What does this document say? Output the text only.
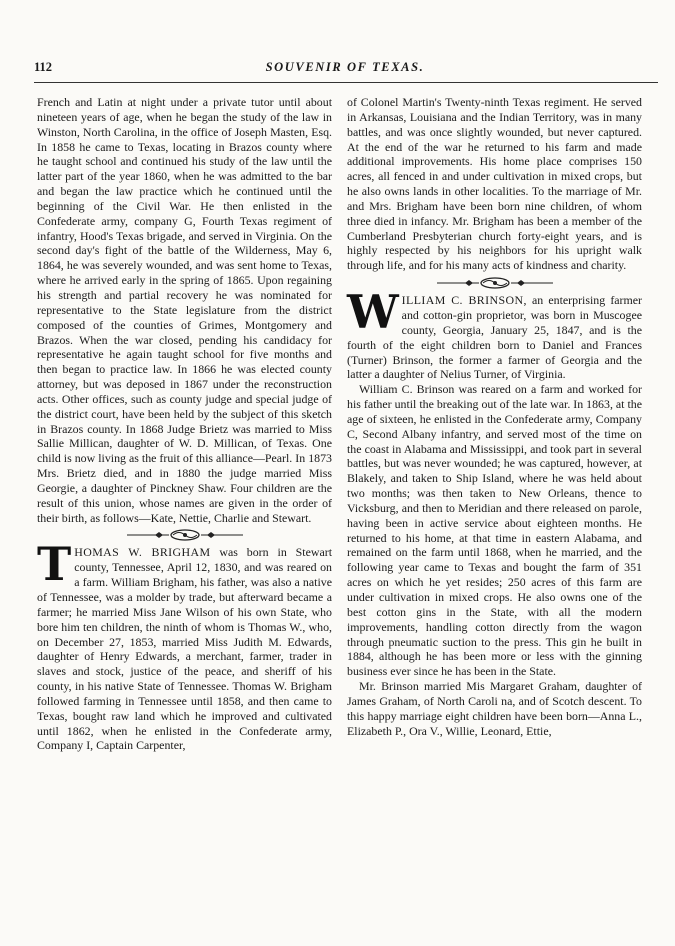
112	SOUVENIR OF TEXAS.

French and Latin at night under a private tutor until about nineteen years of age, when he began the study of the law in Winston, North Carolina, in the office of Joseph Masten, Esq. In 1858 he came to Texas, locating in Brazos county where he taught school and continued his study of the law until the latter part of the year 1860, when he was admitted to the bar and began the law practice which he continued until the beginning of the Civil War. He then enlisted in the Confederate army, company G, Fourth Texas regiment of infantry, Hood's Texas brigade, and served in Virginia. On the second day's fight of the battle of the Wilderness, May 6, 1864, he was severely wounded, and was sent home to Texas, where he arrived early in the spring of 1865. Upon regaining his strength and partial recovery he was nominated for representative to the State legislature from the district composed of the counties of Grimes, Montgomery and Brazos. When the war closed, pending his candidacy for representative he again taught school for five months and then began to practice law. In 1866 he was elected county attorney, but was deposed in 1867 under the reconstruction acts. Other offices, such as county judge and special judge of the district court, have been held by the subject of this sketch in Brazos county. In 1868 Judge Brietz was married to Miss Sallie Millican, daughter of W. D. Millican, of Texas. One child is now living as the fruit of this alliance—Pearl. In 1873 Mrs. Brietz died, and in 1880 the judge married Miss Georgie, a daughter of Pinckney Shaw. Four children are the result of this union, whose names are given in the order of their birth, as follows—Kate, Nettie, Charlie and Stewart.

THOMAS W. BRIGHAM was born in Stewart county, Tennessee, April 12, 1830, and was reared on a farm. William Brigham, his father, was also a native of Tennessee, was a molder by trade, but afterward became a farmer; he married Miss Jane Wilson of his own State, who bore him ten children, the ninth of whom is Thomas W., who, on December 27, 1853, married Miss Judith M. Edwards, daughter of Henry Edwards, a merchant, farmer, trader in slaves and stock, justice of the peace, and sheriff of his county, in his native State of Tennessee. Thomas W. Brigham followed farming in Tennessee until 1858, and then came to Texas, bought raw land which he improved and cultivated until 1862, when he enlisted in the Confederate army, Company I, Captain Carpenter,

of Colonel Martin's Twenty-ninth Texas regiment. He served in Arkansas, Louisiana and the Indian Territory, was in many battles, and was once slightly wounded, but never captured. At the end of the war he returned to his farm and made additional improvements. His home place comprises 150 acres, all fenced in and under cultivation in mixed crops, but he also owns lands in other localities. To the marriage of Mr. and Mrs. Brigham have been born nine children, of whom three died in infancy. Mr. Brigham has been a member of the Cumberland Presbyterian church forty-eight years, and is highly respected by his neighbors for his upright walk through life, and for his many acts of kindness and charity.

WILLIAM C. BRINSON, an enterprising farmer and cotton-gin proprietor, was born in Muscogee county, Georgia, January 25, 1847, and is the fourth of the eight children born to Daniel and Frances (Turner) Brinson, the former a farmer of Georgia and the latter a daughter of Nelius Turner, of Virginia.

William C. Brinson was reared on a farm and worked for his father until the breaking out of the late war. In 1863, at the age of sixteen, he enlisted in the Confederate army, Company C, Second Albany infantry, and served most of the time on the coast in Alabama and Mississippi, and took part in several battles, but was never wounded; he was captured, however, at Blakely, and taken to Ship Island, where he was held about two months; was then taken to New Orleans, thence to Vicksburg, and then to Meridian and there released on parole, having been in active service about eighteen months. He returned to his home, at that time in eastern Alabama, and remained on the farm until 1868, when he married, and the following year came to Texas and bought the farm of 351 acres on which he yet resides; 250 acres of this farm are under cultivation in mixed crops. He also owns one of the best cotton gins in the State, with all the modern improvements, handling cotton directly from the wagon through pneumatic suction to the press. This gin he built in 1884, although he has been more or less with the ginning business ever since he has been in the State.

Mr. Brinson married Mis Margaret Graham, daughter of James Graham, of North Caroli na, and of Scotch descent. To this happy marriage eight children have been born—Anna L., Elizabeth P., Ora V., Willie, Leonard, Ettie,
